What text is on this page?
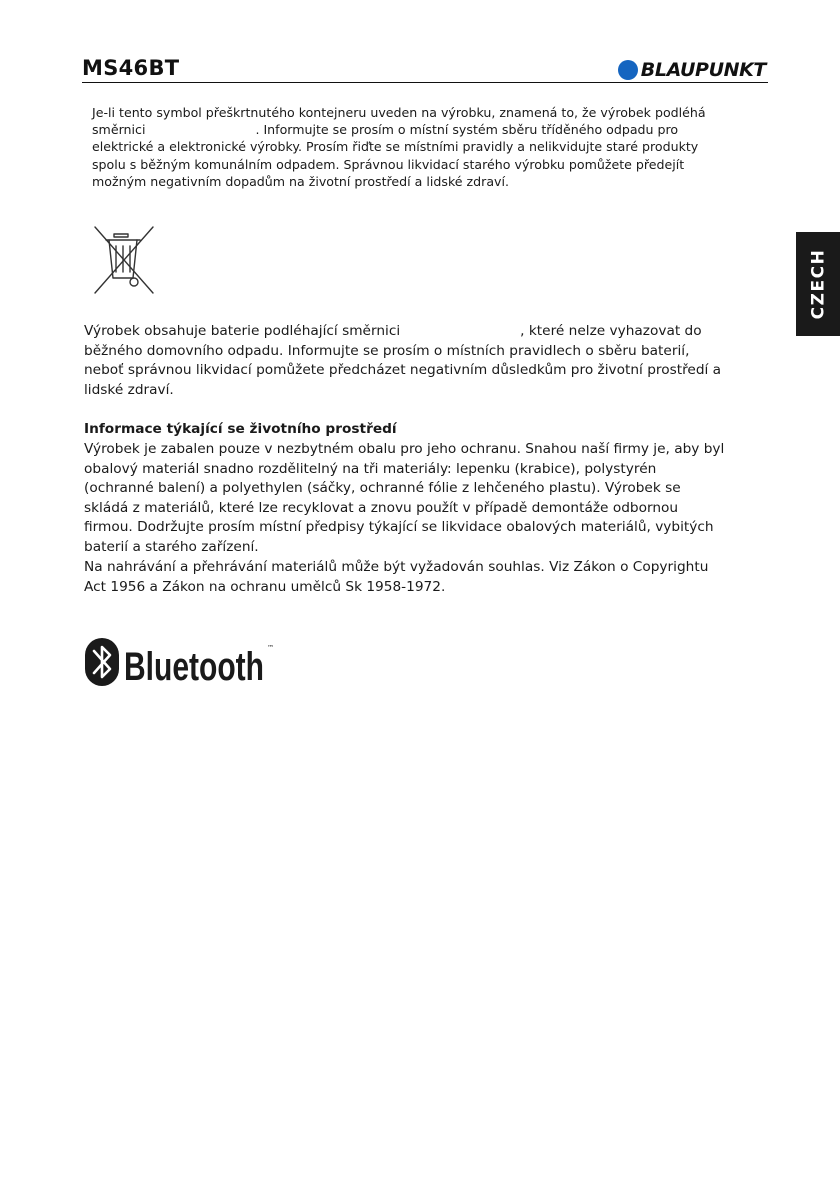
MS46BT	BLAUPUNKT
CZECH

Je-li tento symbol přeškrtnutého kontejneru uveden na výrobku, znamená to, že výrobek podléhá směrnici	. Informujte se prosím o místní systém sběru tříděného odpadu pro elektrické a elektronické výrobky. Prosím řiďte se místními pravidly a nelikvidujte staré produkty spolu s běžným komunálním odpadem. Správnou likvidací starého výrobku pomůžete předejít možným negativním dopadům na životní prostředí a lidské zdraví.

Výrobek obsahuje baterie podléhající směrnici	, které nelze vyhazovat do běžného domovního odpadu. Informujte se prosím o místních pravidlech o sběru baterií, neboť správnou likvidací pomůžete předcházet negativním důsledkům pro životní prostředí a lidské zdraví.

Informace týkající se životního prostředí

Výrobek je zabalen pouze v nezbytném obalu pro jeho ochranu. Snahou naší firmy je, aby byl obalový materiál snadno rozdělitelný na tři materiály: lepenku (krabice), polystyrén (ochranné balení) a polyethylen (sáčky, ochranné fólie z lehčeného plastu). Výrobek se skládá z materiálů, které lze recyklovat a znovu použít v případě demontáže odbornou firmou. Dodržujte prosím místní předpisy týkající se likvidace obalových materiálů, vybitých baterií a starého zařízení.

Na nahrávání a přehrávání materiálů může být vyžadován souhlas. Viz Zákon o Copyrightu Act 1956 a Zákon na ochranu umělců Sk 1958-1972.

Bluetooth ™
